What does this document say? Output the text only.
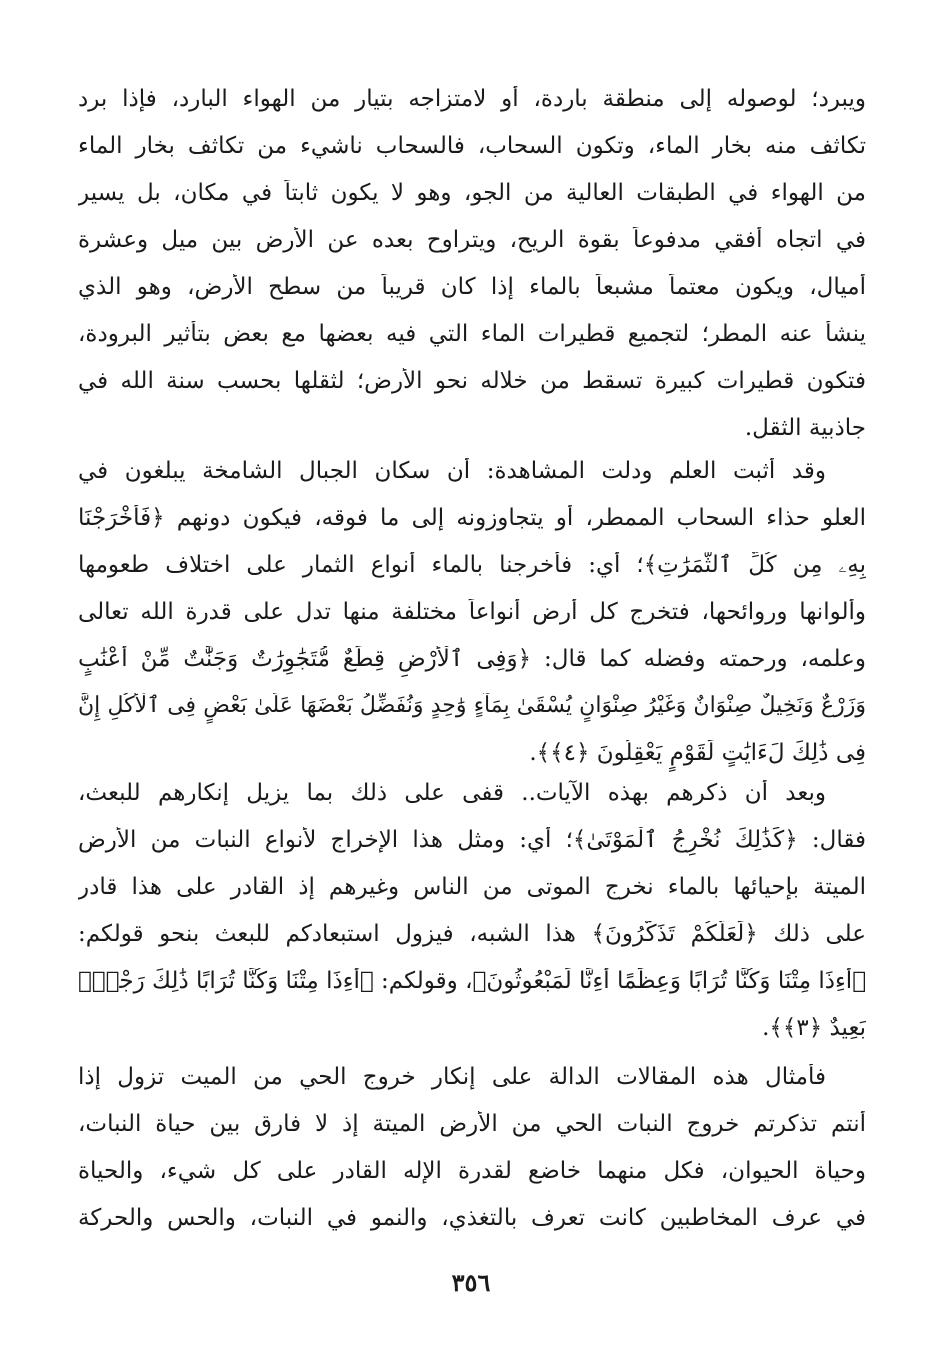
ويبرد؛ لوصوله إلى منطقة باردة، أو لامتزاجه بتيار من الهواء البارد، فإذا برد
تكاثف منه بخار الماء، وتكون السحاب، فالسحاب ناشيء من تكاثف بخار الماء
من الهواء في الطبقات العالية من الجو، وهو لا يكون ثابتاً في مكان، بل يسير
في اتجاه أفقي مدفوعاً بقوة الريح، ويتراوح بعده عن الأرض بين ميل وعشرة
أميال، ويكون معتماً مشبعاً بالماء إذا كان قريباً من سطح الأرض، وهو الذي
ينشأ عنه المطر؛ لتجميع قطيرات الماء التي فيه بعضها مع بعض بتأثير البرودة،
فتكون قطيرات كبيرة تسقط من خلاله نحو الأرض؛ لثقلها بحسب سنة الله في
جاذبية الثقل.
وقد أثبت العلم ودلت المشاهدة: أن سكان الجبال الشامخة يبلغون في
العلو حذاء السحاب الممطر، أو يتجاوزونه إلى ما فوقه، فيكون دونهم ﴿فَأَخْرَجْنَا
بِهِۦ مِن كُلِّ ٱلثَّمَرَٰتِ﴾؛ أي: فأخرجنا بالماء أنواع الثمار على اختلاف طعومها
وألوانها وروائحها، فتخرج كل أرض أنواعاً مختلفة منها تدل على قدرة الله تعالى
وعلمه، ورحمته وفضله كما قال: ﴿وَفِى ٱلْأَرْضِ قِطَعٌ مُّتَجَٰوِرَٰتٌ وَجَنَّٰتٌ مِّنْ أَعْنَٰبٍ
وَزَرْعٌ وَنَخِيلٌ صِنْوَانٌ وَغَيْرُ صِنْوَانٍ يُسْقَىٰ بِمَآءٍ وَٰحِدٍ وَنُفَضِّلُ بَعْضَهَا عَلَىٰ بَعْضٍ فِى ٱلْأُكُلِ إِنَّ
فِى ذَٰلِكَ لَءَايَٰتٍ لِّقَوْمٍ يَعْقِلُونَ ﴿٤﴾﴾.
وبعد أن ذكرهم بهذه الآيات.. قفى على ذلك بما يزيل إنكارهم للبعث،
فقال: ﴿كَذَٰلِكَ نُخْرِجُ ٱلْمَوْتَىٰ﴾؛ أي: ومثل هذا الإخراج لأنواع النبات من الأرض
الميتة بإحيائها بالماء نخرج الموتى من الناس وغيرهم إذ القادر على هذا قادر
على ذلك ﴿لَعَلَّكُمْ تَذَكَّرُونَ﴾ هذا الشبه، فيزول استبعادكم للبعث بنحو قولكم:
﴿أَءِذَا مِتْنَا وَكُنَّا تُرَابًا وَعِظَٰمًا أَءِنَّا لَمَبْعُوثُونَ﴾، وقولكم: ﴿أَءِذَا مِتْنَا وَكُنَّا تُرَابًا ذَٰلِكَ رَجْعٌۢ
بَعِيدٌ ﴿٣﴾﴾.
فأمثال هذه المقالات الدالة على إنكار خروج الحي من الميت تزول إذا
أنتم تذكرتم خروج النبات الحي من الأرض الميتة إذ لا فارق بين حياة النبات،
وحياة الحيوان، فكل منهما خاضع لقدرة الإله القادر على كل شيء، والحياة
في عرف المخاطبين كانت تعرف بالتغذي، والنمو في النبات، والحس والحركة
٣٥٦
